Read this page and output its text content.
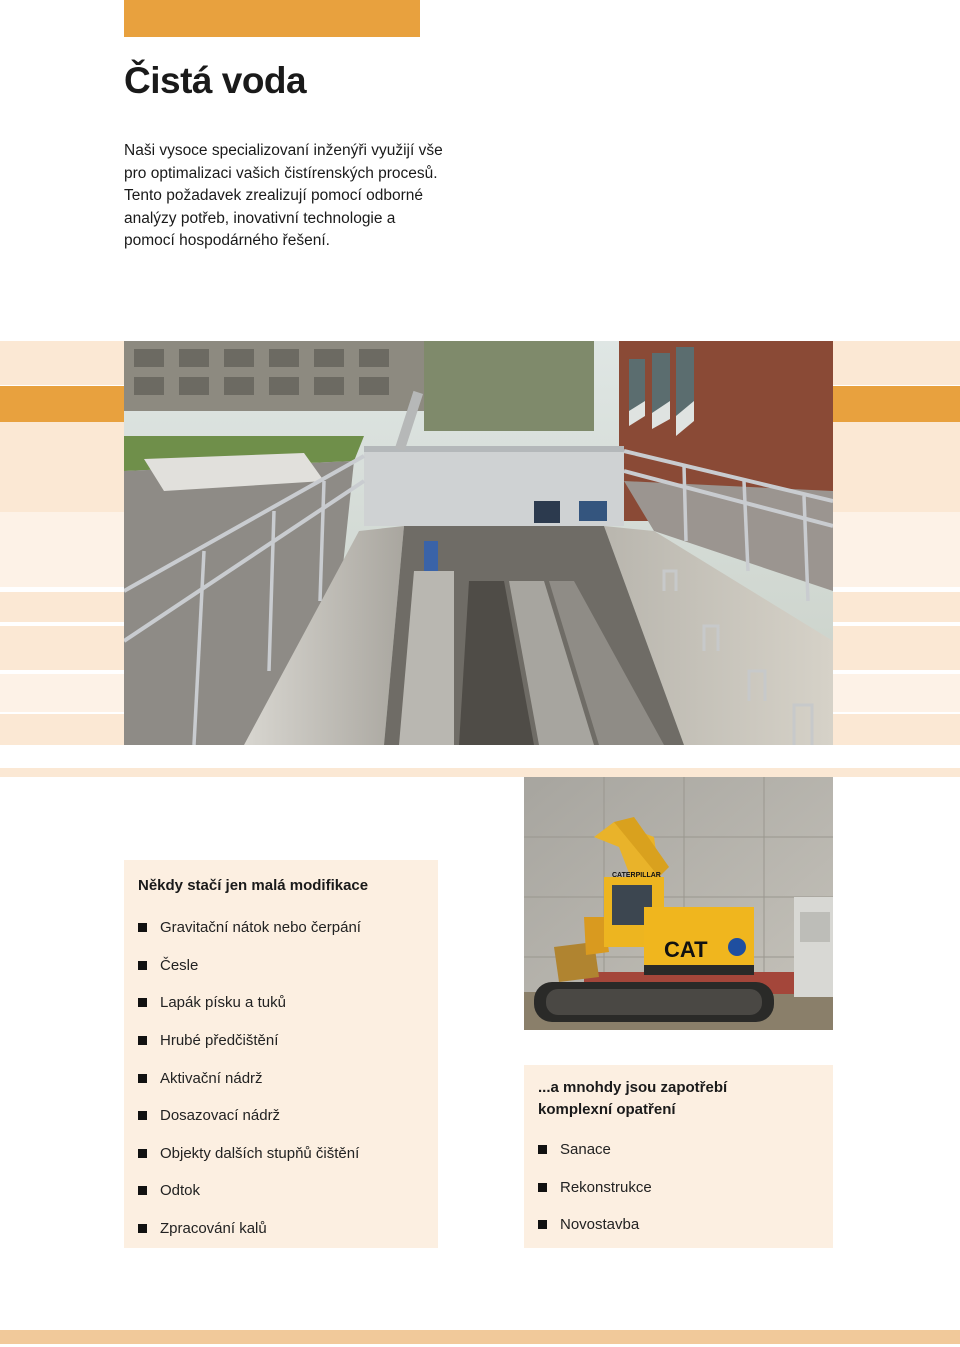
Čistá voda

Naši vysoce specializovaní inženýři využijí vše pro optimalizaci vašich čistírenských procesů. Tento požadavek zrealizují pomocí odborné analýzy potřeb, inovativní technologie a pomocí hospodárného řešení.

CAT
CATERPILLAR
Někdy stačí jen malá modifikace
Gravitační nátok nebo čerpání
Česle
Lapák písku a tuků
Hrubé předčištění
Aktivační nádrž
Dosazovací nádrž
Objekty dalších stupňů čištění
Odtok
Zpracování kalů
...a mnohdy jsou zapotřebí
komplexní opatření
Sanace
Rekonstrukce
Novostavba
